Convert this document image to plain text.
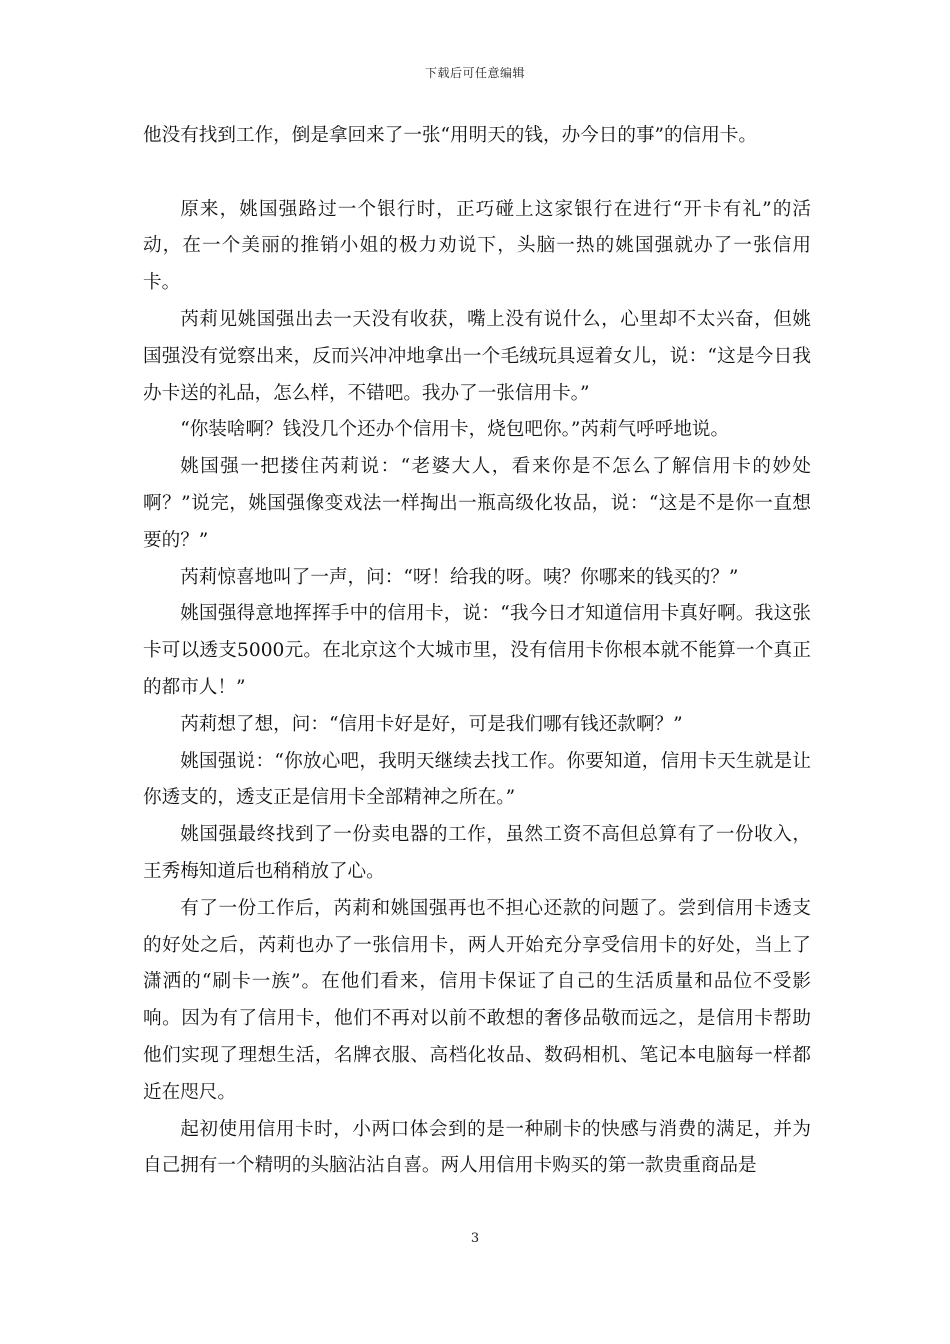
下载后可任意编辑

他没有找到工作，倒是拿回来了一张“用明天的钱，办今日的事”的信用卡。

原来，姚国强路过一个银行时，正巧碰上这家银行在进行“开卡有礼”的活动，在一个美丽的推销小姐的极力劝说下，头脑一热的姚国强就办了一张信用卡。

芮莉见姚国强出去一天没有收获，嘴上没有说什么，心里却不太兴奋，但姚国强没有觉察出来，反而兴冲冲地拿出一个毛绒玩具逗着女儿，说：“这是今日我办卡送的礼品，怎么样，不错吧。我办了一张信用卡。”

“你装啥啊？钱没几个还办个信用卡，烧包吧你。”芮莉气呼呼地说。

姚国强一把搂住芮莉说：“老婆大人，看来你是不怎么了解信用卡的妙处啊？”说完，姚国强像变戏法一样掏出一瓶高级化妆品，说：“这是不是你一直想要的？”

芮莉惊喜地叫了一声，问：“呀！给我的呀。咦？你哪来的钱买的？”

姚国强得意地挥挥手中的信用卡，说：“我今日才知道信用卡真好啊。我这张卡可以透支5000元。在北京这个大城市里，没有信用卡你根本就不能算一个真正的都市人！”

芮莉想了想，问：“信用卡好是好，可是我们哪有钱还款啊？”

姚国强说：“你放心吧，我明天继续去找工作。你要知道，信用卡天生就是让你透支的，透支正是信用卡全部精神之所在。”

姚国强最终找到了一份卖电器的工作，虽然工资不高但总算有了一份收入，王秀梅知道后也稍稍放了心。

有了一份工作后，芮莉和姚国强再也不担心还款的问题了。尝到信用卡透支的好处之后，芮莉也办了一张信用卡，两人开始充分享受信用卡的好处，当上了潇洒的“刷卡一族”。在他们看来，信用卡保证了自己的生活质量和品位不受影响。因为有了信用卡，他们不再对以前不敢想的奢侈品敬而远之，是信用卡帮助他们实现了理想生活，名牌衣服、高档化妆品、数码相机、笔记本电脑每一样都近在咫尺。

起初使用信用卡时，小两口体会到的是一种刷卡的快感与消费的满足，并为自己拥有一个精明的头脑沾沾自喜。两人用信用卡购买的第一款贵重商品是

3
